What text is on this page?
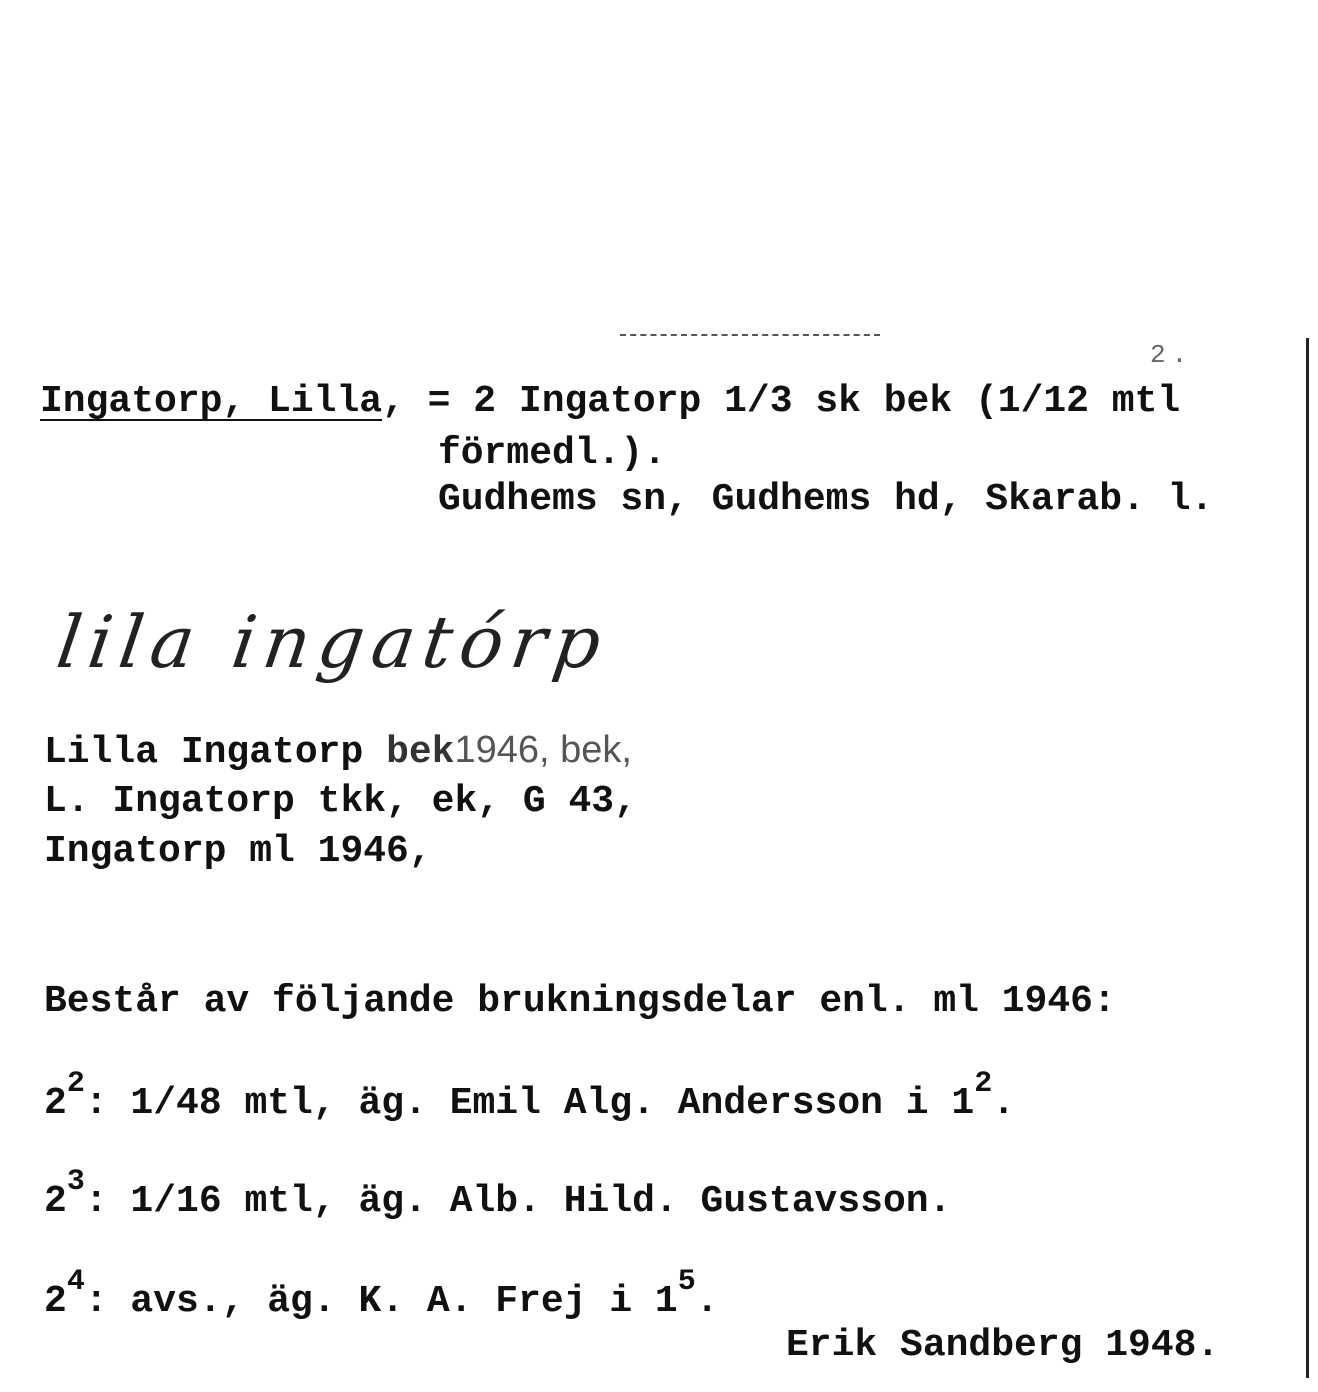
2.
Ingatorp, Lilla, = 2 Ingatorp 1/3 sk bek (1/12 mtl
förmedl.).
Gudhems sn, Gudhems hd, Skarab. l.
lila ingatórp
Lilla Ingatorp bek1946, bek,
L. Ingatorp tkk, ek, G 43,
Ingatorp ml 1946,
Består av följande brukningsdelar enl. ml 1946:
$2^2$: 1/48 mtl, äg. Emil Alg. Andersson i $1^2$.
$2^3$: 1/16 mtl, äg. Alb. Hild. Gustavsson.
$2^4$: avs., äg. K. A. Frej i $1^5$.
Erik Sandberg 1948.
